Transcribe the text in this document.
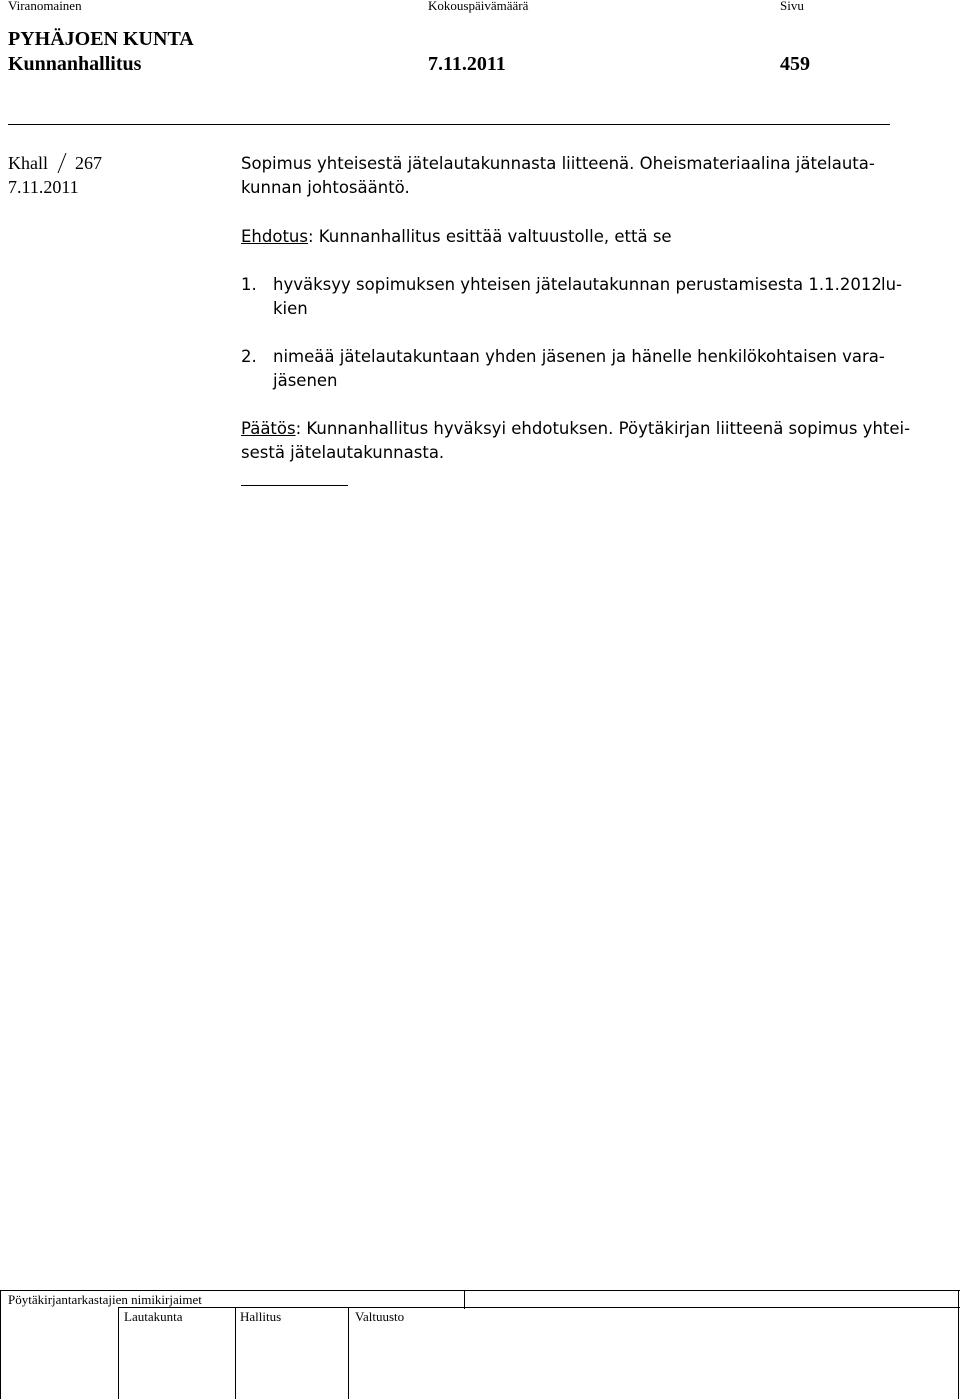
Viranomainen	Kokouspäivämäärä	Sivu
PYHÄJOEN KUNTA
Kunnanhallitus	7.11.2011	459
Khall 267
7.11.2011
Sopimus yhteisestä jätelautakunnasta liitteenä. Oheismateriaalina jätelauta-
kunnan johtosääntö.
Ehdotus: Kunnanhallitus esittää valtuustolle, että se
1. hyväksyy sopimuksen yhteisen jätelautakunnan perustamisesta 1.1.2012 lu-
kien
2. nimeää jätelautakuntaan yhden jäsenen ja hänelle henkilökohtaisen vara-
jäsenen
Päätös: Kunnanhallitus hyväksyi ehdotuksen. Pöytäkirjan liitteenä sopimus yhtei-
sestä jätelautakunnasta.
Pöytäkirjantarkastajien nimikirjaimet
Lautakunta	Hallitus	Valtuusto
